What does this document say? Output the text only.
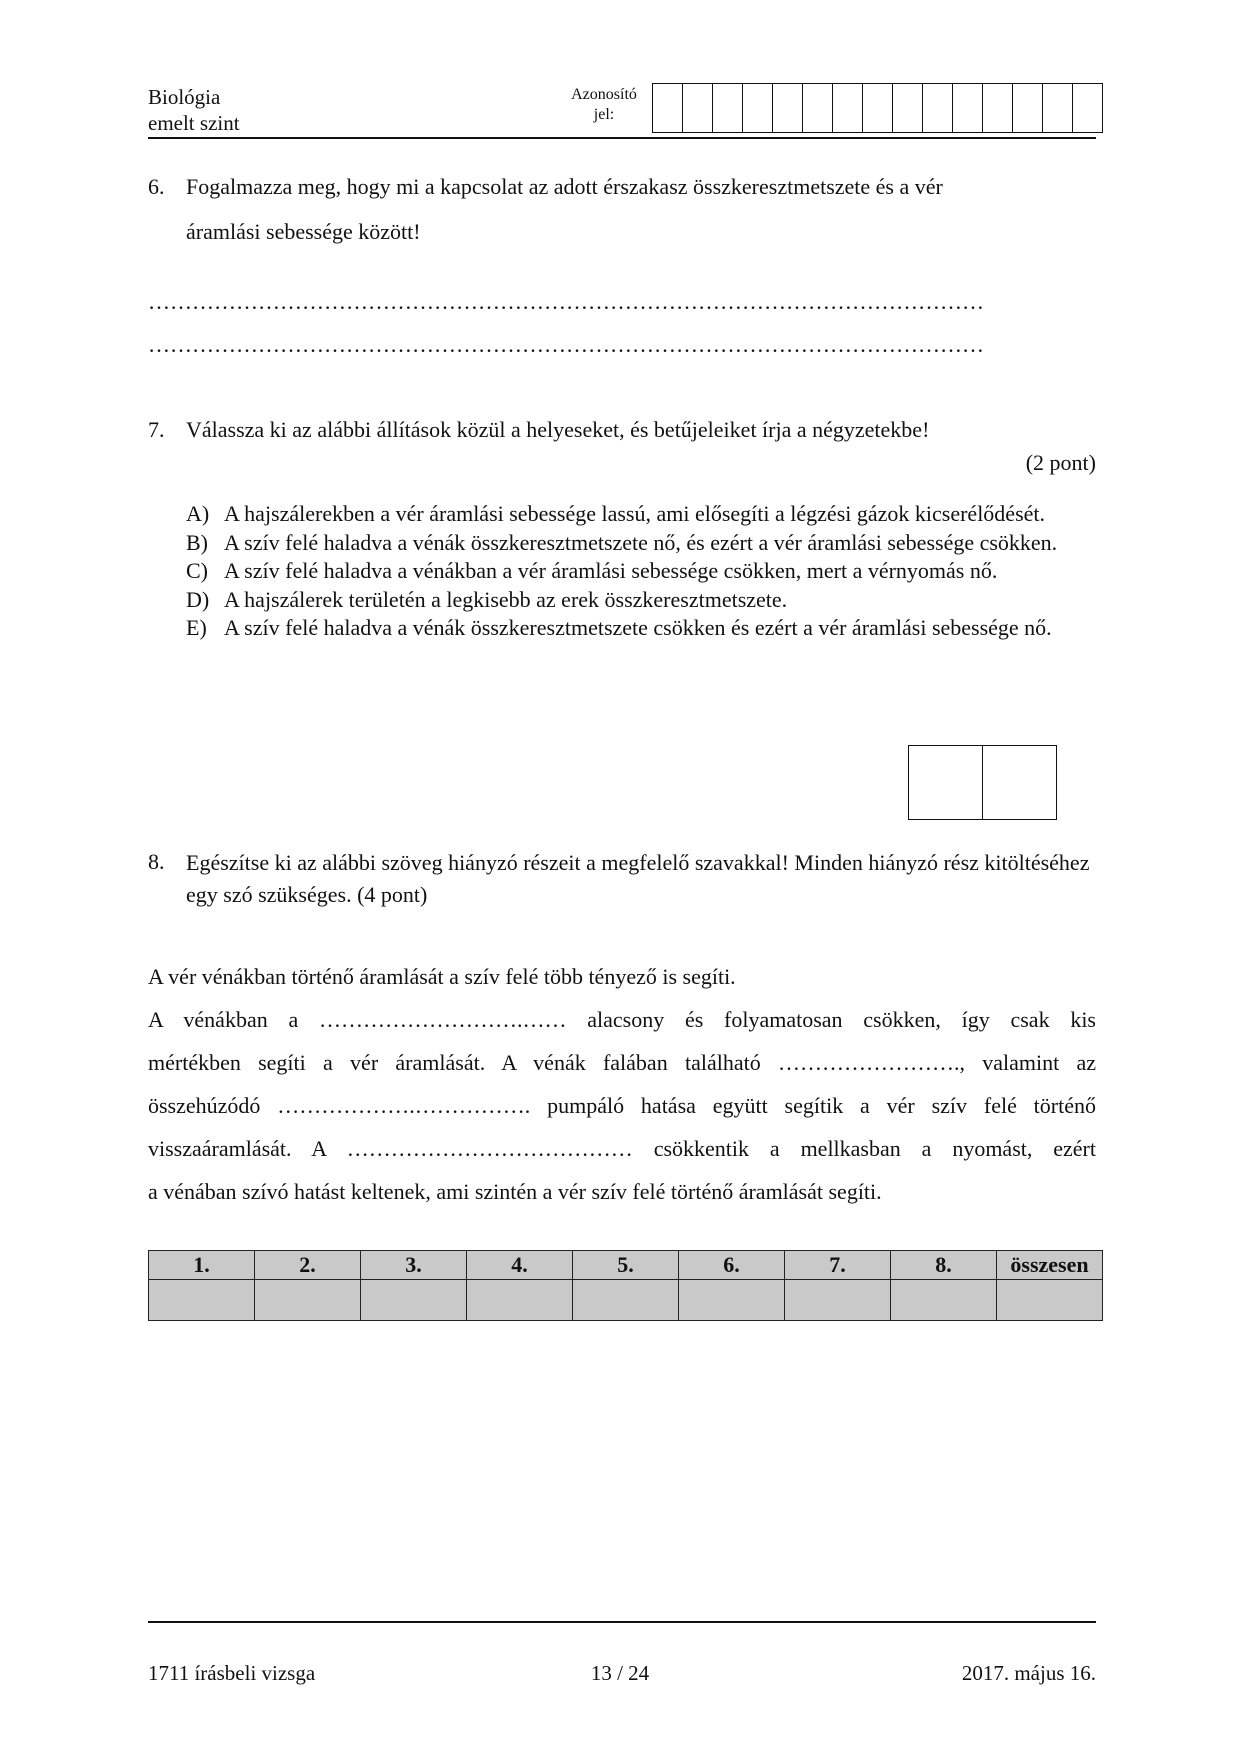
Biológia
emelt szint
Azonosító
jel:
6. Fogalmazza meg, hogy mi a kapcsolat az adott érszakasz összkeresztmetszete és a vér
áramlási sebessége között!
……………………………………………………………………………………………………
……………………………………………………………………………………………………
7. Válassza ki az alábbi állítások közül a helyeseket, és betűjeleiket írja a négyzetekbe!
(2 pont)
A) A hajszálerekben a vér áramlási sebessége lassú, ami elősegíti a légzési gázok kicserélődését.
B) A szív felé haladva a vénák összkeresztmetszete nő, és ezért a vér áramlási sebessége csökken.
C) A szív felé haladva a vénákban a vér áramlási sebessége csökken, mert a vérnyomás nő.
D) A hajszálerek területén a legkisebb az erek összkeresztmetszete.
E) A szív felé haladva a vénák összkeresztmetszete csökken és ezért a vér áramlási sebessége nő.
8. Egészítse ki az alábbi szöveg hiányzó részeit a megfelelő szavakkal! Minden hiányzó rész kitöltéséhez egy szó szükséges. (4 pont)
A vér vénákban történő áramlását a szív felé több tényező is segíti.
A vénákban a ……………………….…… alacsony és folyamatosan csökken, így csak kis
mértékben segíti a vér áramlását. A vénák falában található ……………………., valamint az
összehúzódó ……………….……………. pumpáló hatása együtt segítik a vér szív felé történő
visszaáramlását. A ………………………………… csökkentik a mellkasban a nyomást, ezért
a vénában szívó hatást keltenek, ami szintén a vér szív felé történő áramlását segíti.
1.	2.	3.	4.	5.	6.	7.	8.	összesen

1711 írásbeli vizsga	13 / 24	2017. május 16.
